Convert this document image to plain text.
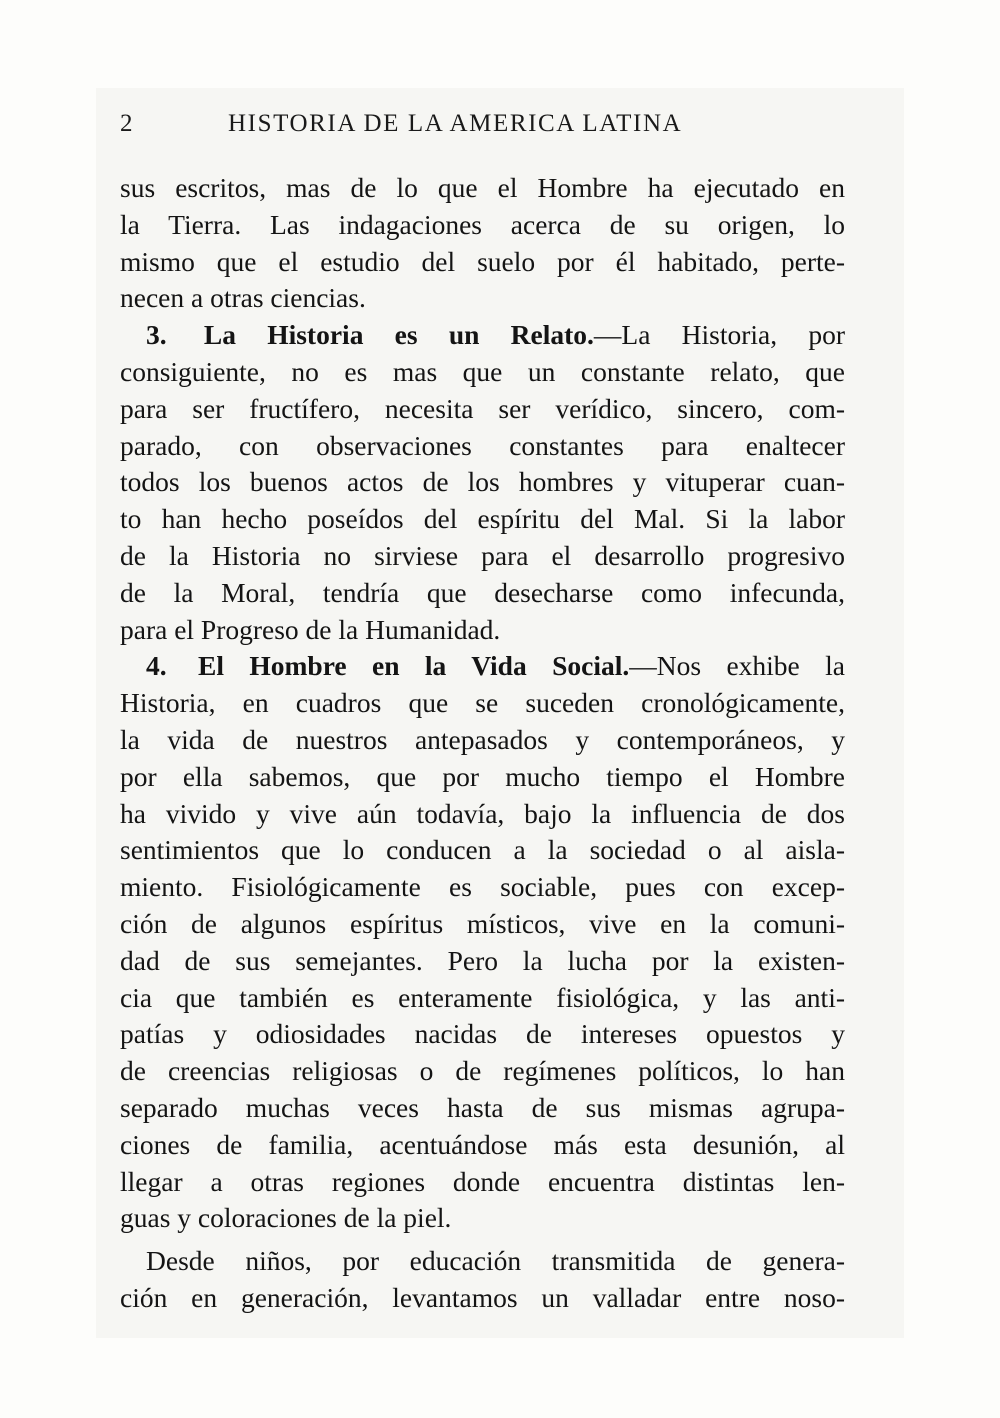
2	HISTORIA DE LA AMERICA LATINA
sus escritos, mas de lo que el Hombre ha ejecutado en
la Tierra. Las indagaciones acerca de su origen, lo
mismo que el estudio del suelo por él habitado, perte-
necen a otras ciencias.
3. La Historia es un Relato.—La Historia, por
consiguiente, no es mas que un constante relato, que
para ser fructífero, necesita ser verídico, sincero, com-
parado, con observaciones constantes para enaltecer
todos los buenos actos de los hombres y vituperar cuan-
to han hecho poseídos del espíritu del Mal. Si la labor
de la Historia no sirviese para el desarrollo progresivo
de la Moral, tendría que desecharse como infecunda,
para el Progreso de la Humanidad.
4. El Hombre en la Vida Social.—Nos exhibe la
Historia, en cuadros que se suceden cronológicamente,
la vida de nuestros antepasados y contemporáneos, y
por ella sabemos, que por mucho tiempo el Hombre
ha vivido y vive aún todavía, bajo la influencia de dos
sentimientos que lo conducen a la sociedad o al aisla-
miento. Fisiológicamente es sociable, pues con excep-
ción de algunos espíritus místicos, vive en la comuni-
dad de sus semejantes. Pero la lucha por la existen-
cia que también es enteramente fisiológica, y las anti-
patías y odiosidades nacidas de intereses opuestos y
de creencias religiosas o de regímenes políticos, lo han
separado muchas veces hasta de sus mismas agrupa-
ciones de familia, acentuándose más esta desunión, al
llegar a otras regiones donde encuentra distintas len-
guas y coloraciones de la piel.
Desde niños, por educación transmitida de genera-
ción en generación, levantamos un valladar entre noso-
